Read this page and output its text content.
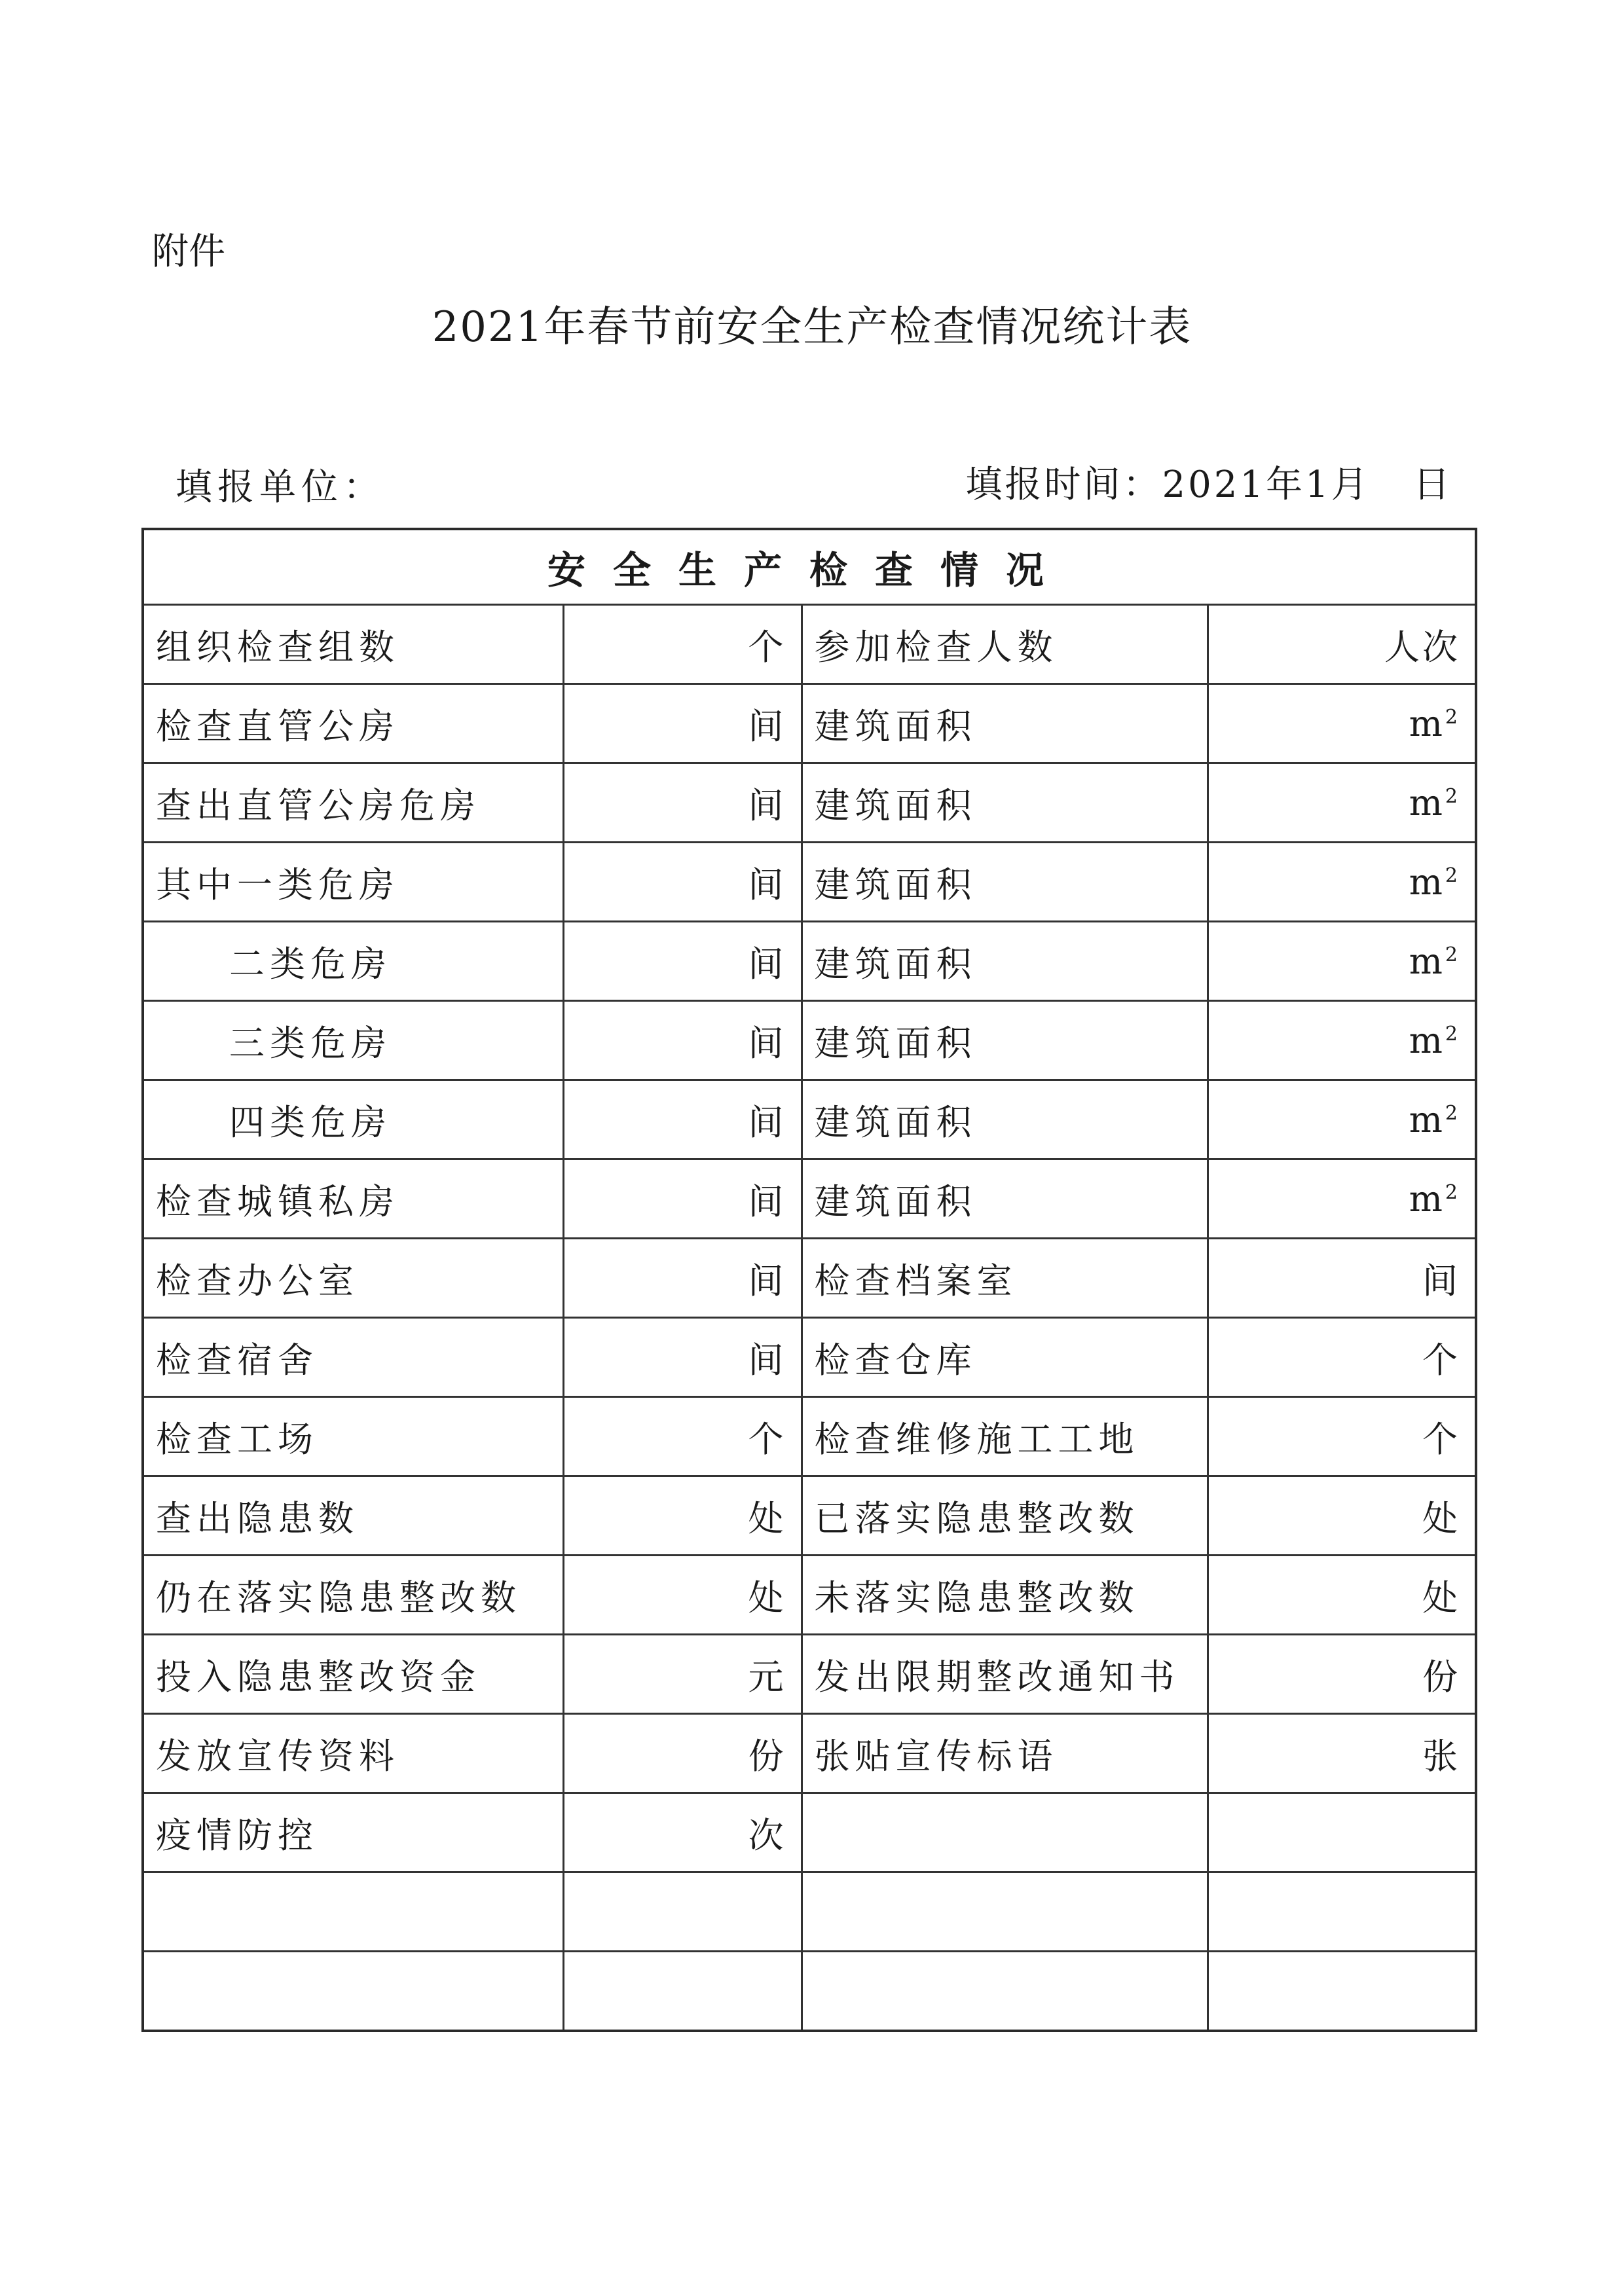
附件
2021年春节前安全生产检查情况统计表
填报单位：	填报时间：2021年1月   日
安全生产检查情况			
组织检查组数	个	参加检查人数	人次
检查直管公房	间	建筑面积	$m^2$
查出直管公房危房	间	建筑面积	$m^2$
其中一类危房	间	建筑面积	$m^2$
二类危房	间	建筑面积	$m^2$
三类危房	间	建筑面积	$m^2$
四类危房	间	建筑面积	$m^2$
检查城镇私房	间	建筑面积	$m^2$
检查办公室	间	检查档案室	间
检查宿舍	间	检查仓库	个
检查工场	个	检查维修施工工地	个
查出隐患数	处	已落实隐患整改数	处
仍在落实隐患整改数	处	未落实隐患整改数	处
投入隐患整改资金	元	发出限期整改通知书	份
发放宣传资料	份	张贴宣传标语	张
疫情防控	次		
